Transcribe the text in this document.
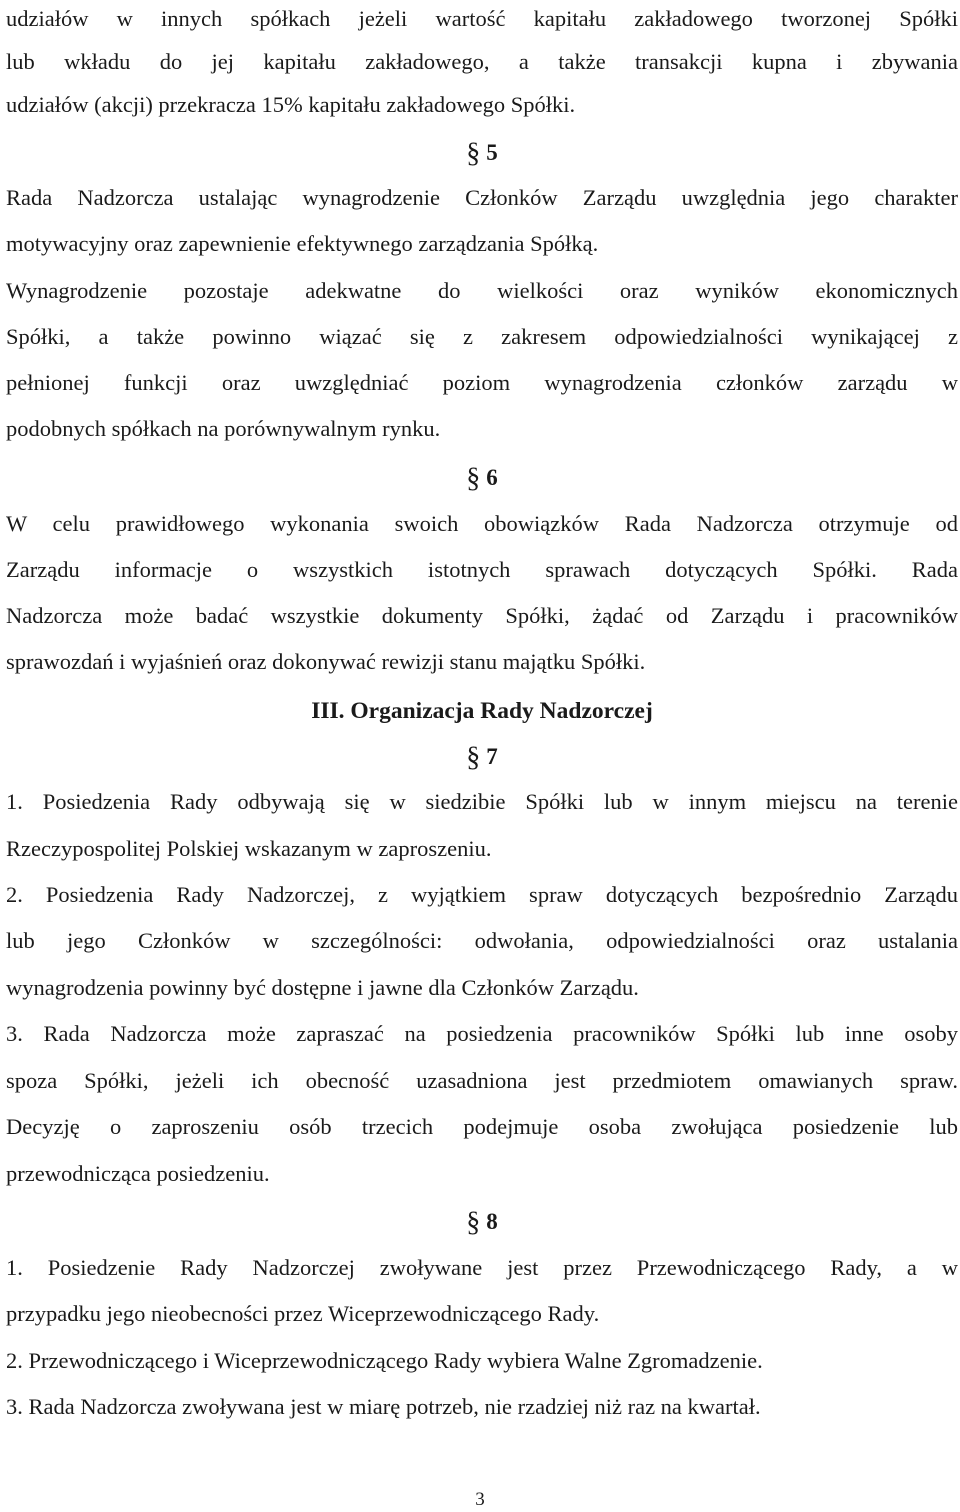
udziałów w innych spółkach jeżeli wartość kapitału zakładowego tworzonej Spółki
lub wkładu do jej kapitału zakładowego, a także transakcji kupna i zbywania
udziałów (akcji) przekracza 15% kapitału zakładowego Spółki.
§ 5
Rada Nadzorcza ustalając wynagrodzenie Członków Zarządu uwzględnia jego charakter
motywacyjny oraz zapewnienie efektywnego zarządzania Spółką.
Wynagrodzenie pozostaje adekwatne do wielkości oraz wyników ekonomicznych
Spółki, a także powinno wiązać się z zakresem odpowiedzialności wynikającej z
pełnionej funkcji oraz uwzględniać poziom wynagrodzenia członków zarządu w
podobnych spółkach na porównywalnym rynku.
§ 6
W celu prawidłowego wykonania swoich obowiązków Rada Nadzorcza otrzymuje od
Zarządu informacje o wszystkich istotnych sprawach dotyczących Spółki. Rada
Nadzorcza może badać wszystkie dokumenty Spółki, żądać od Zarządu i pracowników
sprawozdań i wyjaśnień oraz dokonywać rewizji stanu majątku Spółki.
III. Organizacja Rady Nadzorczej
§ 7
1. Posiedzenia Rady odbywają się w siedzibie Spółki lub w innym miejscu na terenie
Rzeczypospolitej Polskiej wskazanym w zaproszeniu.
2. Posiedzenia Rady Nadzorczej, z wyjątkiem spraw dotyczących bezpośrednio Zarządu
lub jego Członków w szczególności: odwołania, odpowiedzialności oraz ustalania
wynagrodzenia powinny być dostępne i jawne dla Członków Zarządu.
3. Rada Nadzorcza może zapraszać na posiedzenia pracowników Spółki lub inne osoby
spoza Spółki, jeżeli ich obecność uzasadniona jest przedmiotem omawianych spraw.
Decyzję o zaproszeniu osób trzecich podejmuje osoba zwołująca posiedzenie lub
przewodnicząca posiedzeniu.
§ 8
1. Posiedzenie Rady Nadzorczej zwoływane jest przez Przewodniczącego Rady, a w
przypadku jego nieobecności przez Wiceprzewodniczącego Rady.
2. Przewodniczącego i Wiceprzewodniczącego Rady wybiera Walne Zgromadzenie.
3. Rada Nadzorcza zwoływana jest w miarę potrzeb, nie rzadziej niż raz na kwartał.
3
